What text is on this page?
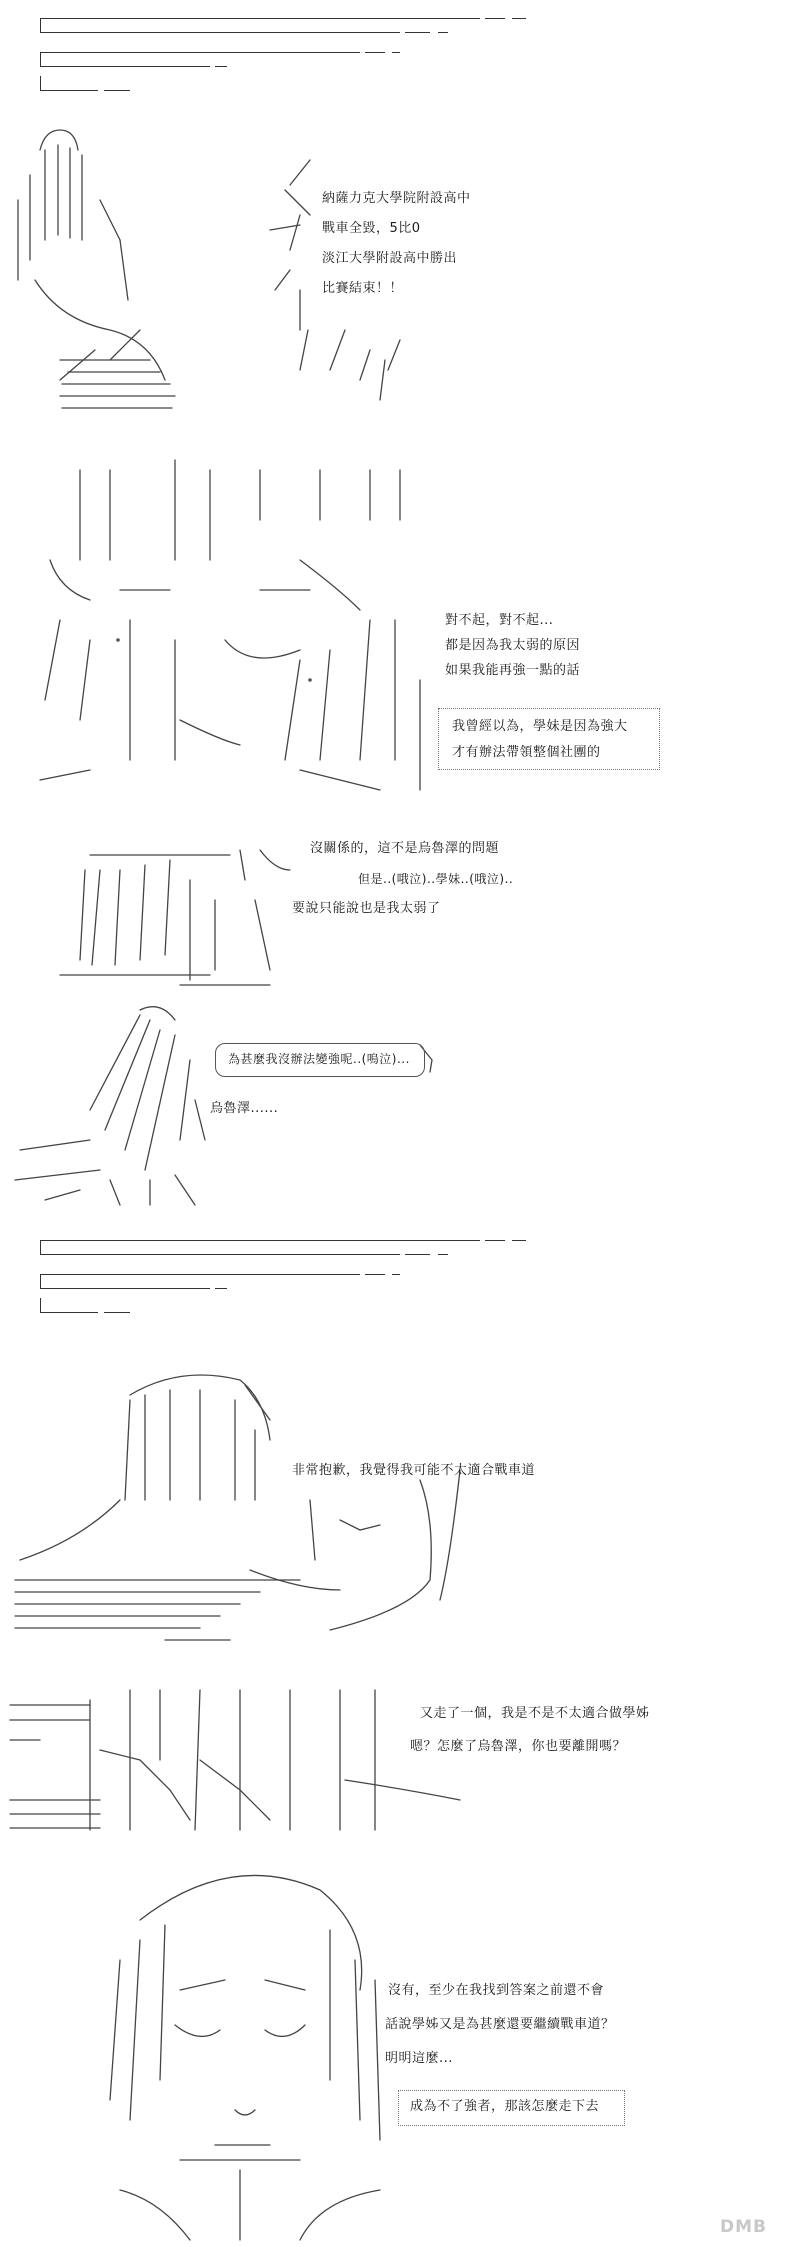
納薩力克大學院附設高中
戰車全毀，5比0
淡江大學附設高中勝出
比賽結束！！
對不起，對不起...
都是因為我太弱的原因
如果我能再強一點的話
我曾經以為，學妹是因為強大
才有辦法帶領整個社團的
沒關係的，這不是烏魯澤的問題
但是..(哦泣)..學妹..(哦泣)..
要說只能說也是我太弱了
為甚麼我沒辦法變強呢..(嗚泣)...
烏魯澤......
非常抱歉，我覺得我可能不太適合戰車道
又走了一個，我是不是不太適合做學姊
嗯？怎麼了烏魯澤，你也要離開嗎？
沒有，至少在我找到答案之前還不會
話說學姊又是為甚麼還要繼續戰車道？
明明這麼...
成為不了強者，那該怎麼走下去
DMB
